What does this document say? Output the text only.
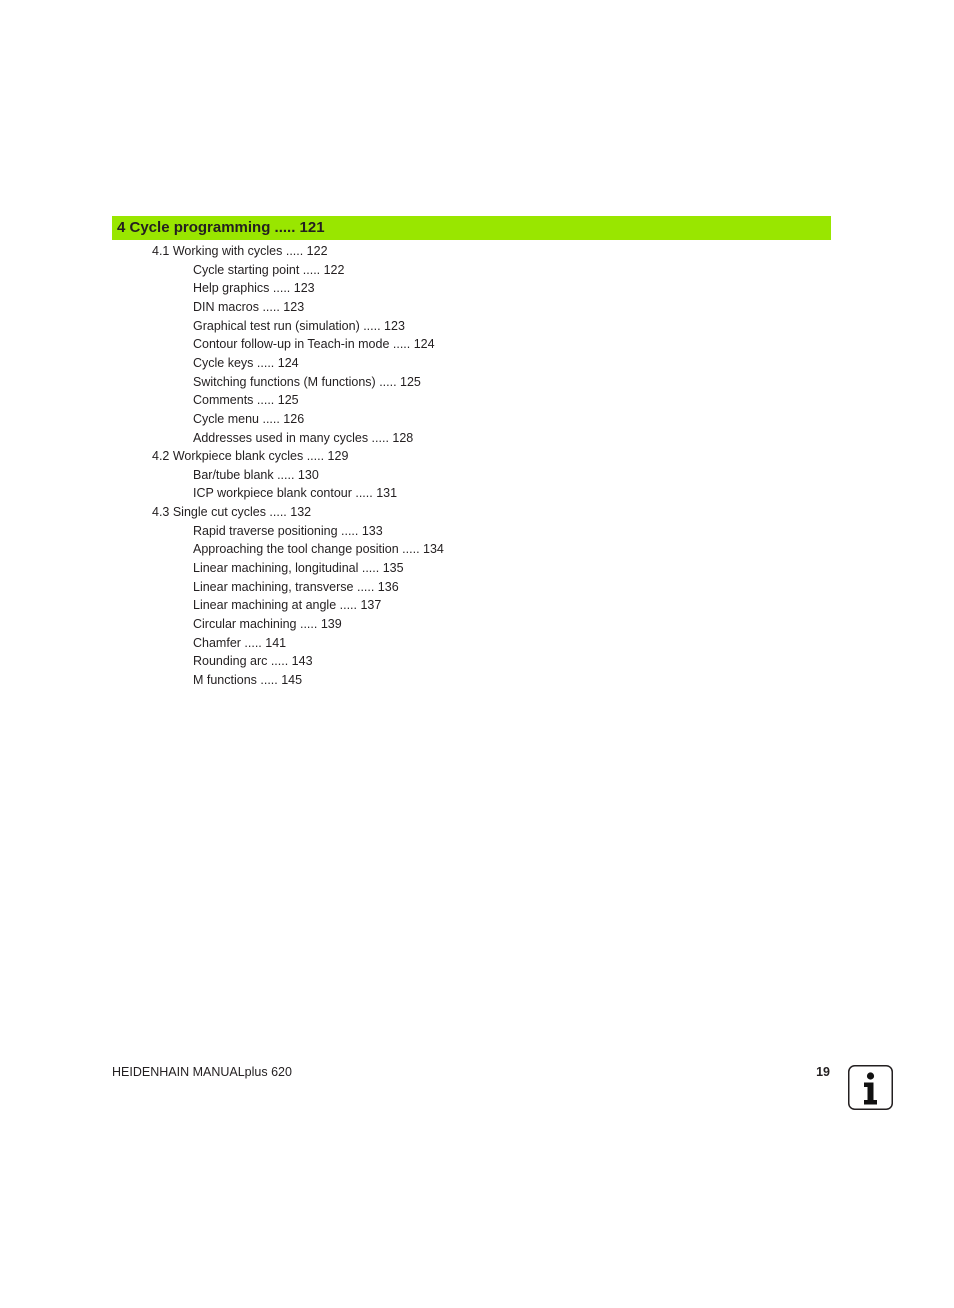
4 Cycle programming ..... 121
4.1 Working with cycles ..... 122
Cycle starting point ..... 122
Help graphics ..... 123
DIN macros ..... 123
Graphical test run (simulation) ..... 123
Contour follow-up in Teach-in mode ..... 124
Cycle keys ..... 124
Switching functions (M functions) ..... 125
Comments ..... 125
Cycle menu ..... 126
Addresses used in many cycles ..... 128
4.2 Workpiece blank cycles ..... 129
Bar/tube blank ..... 130
ICP workpiece blank contour ..... 131
4.3 Single cut cycles ..... 132
Rapid traverse positioning ..... 133
Approaching the tool change position ..... 134
Linear machining, longitudinal ..... 135
Linear machining, transverse ..... 136
Linear machining at angle ..... 137
Circular machining ..... 139
Chamfer ..... 141
Rounding arc ..... 143
M functions ..... 145
HEIDENHAIN MANUALplus 620	19
